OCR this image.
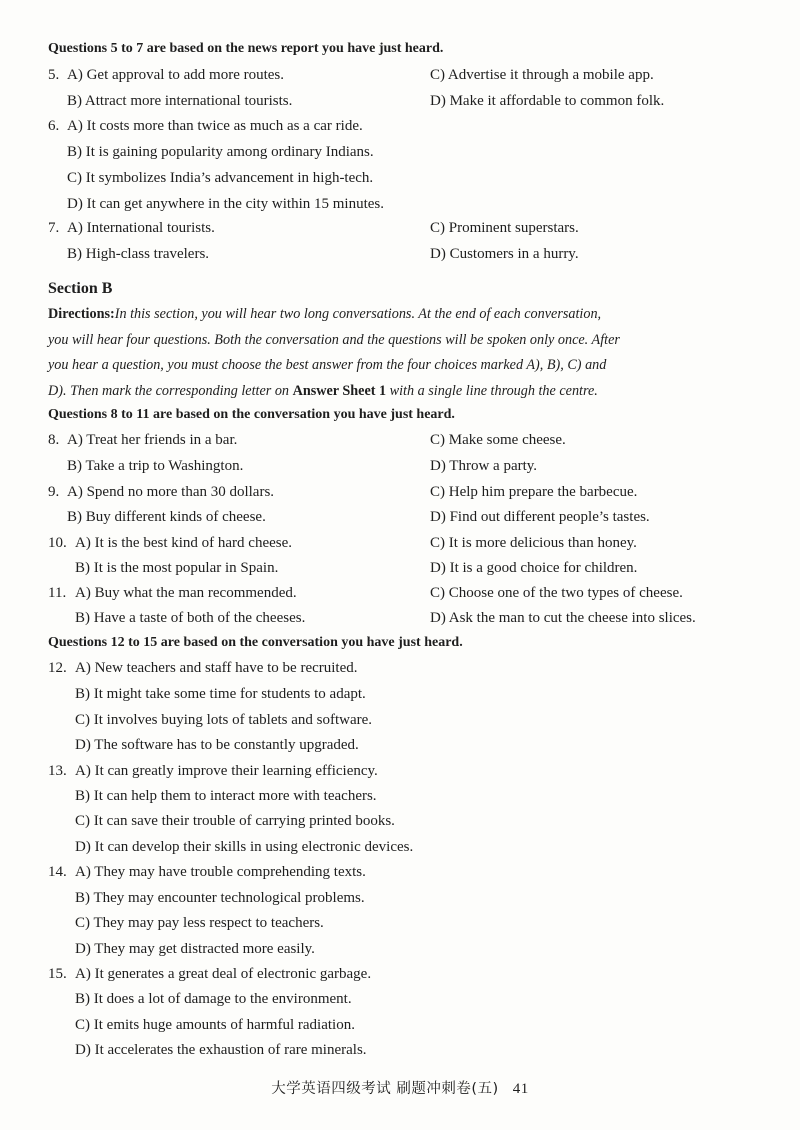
Questions 5 to 7 are based on the news report you have just heard.
5. A) Get approval to add more routes.	C) Advertise it through a mobile app.
B) Attract more international tourists.	D) Make it affordable to common folk.
6. A) It costs more than twice as much as a car ride.
B) It is gaining popularity among ordinary Indians.
C) It symbolizes India’s advancement in high-tech.
D) It can get anywhere in the city within 15 minutes.
7. A) International tourists.	C) Prominent superstars.
B) High-class travelers.	D) Customers in a hurry.
Section B
Directions:In this section, you will hear two long conversations. At the end of each conversation,
you will hear four questions. Both the conversation and the questions will be spoken only once. After
you hear a question, you must choose the best answer from the four choices marked A), B), C) and
D). Then mark the corresponding letter on Answer Sheet 1 with a single line through the centre.
Questions 8 to 11 are based on the conversation you have just heard.
8. A) Treat her friends in a bar.	C) Make some cheese.
B) Take a trip to Washington.	D) Throw a party.
9. A) Spend no more than 30 dollars.	C) Help him prepare the barbecue.
B) Buy different kinds of cheese.	D) Find out different people’s tastes.
10. A) It is the best kind of hard cheese.	C) It is more delicious than honey.
B) It is the most popular in Spain.	D) It is a good choice for children.
11. A) Buy what the man recommended.	C) Choose one of the two types of cheese.
B) Have a taste of both of the cheeses.	D) Ask the man to cut the cheese into slices.
Questions 12 to 15 are based on the conversation you have just heard.
12. A) New teachers and staff have to be recruited.
B) It might take some time for students to adapt.
C) It involves buying lots of tablets and software.
D) The software has to be constantly upgraded.
13. A) It can greatly improve their learning efficiency.
B) It can help them to interact more with teachers.
C) It can save their trouble of carrying printed books.
D) It can develop their skills in using electronic devices.
14. A) They may have trouble comprehending texts.
B) They may encounter technological problems.
C) They may pay less respect to teachers.
D) They may get distracted more easily.
15. A) It generates a great deal of electronic garbage.
B) It does a lot of damage to the environment.
C) It emits huge amounts of harmful radiation.
D) It accelerates the exhaustion of rare minerals.
大学英语四级考试 刷题冲刺卷(五) 41
